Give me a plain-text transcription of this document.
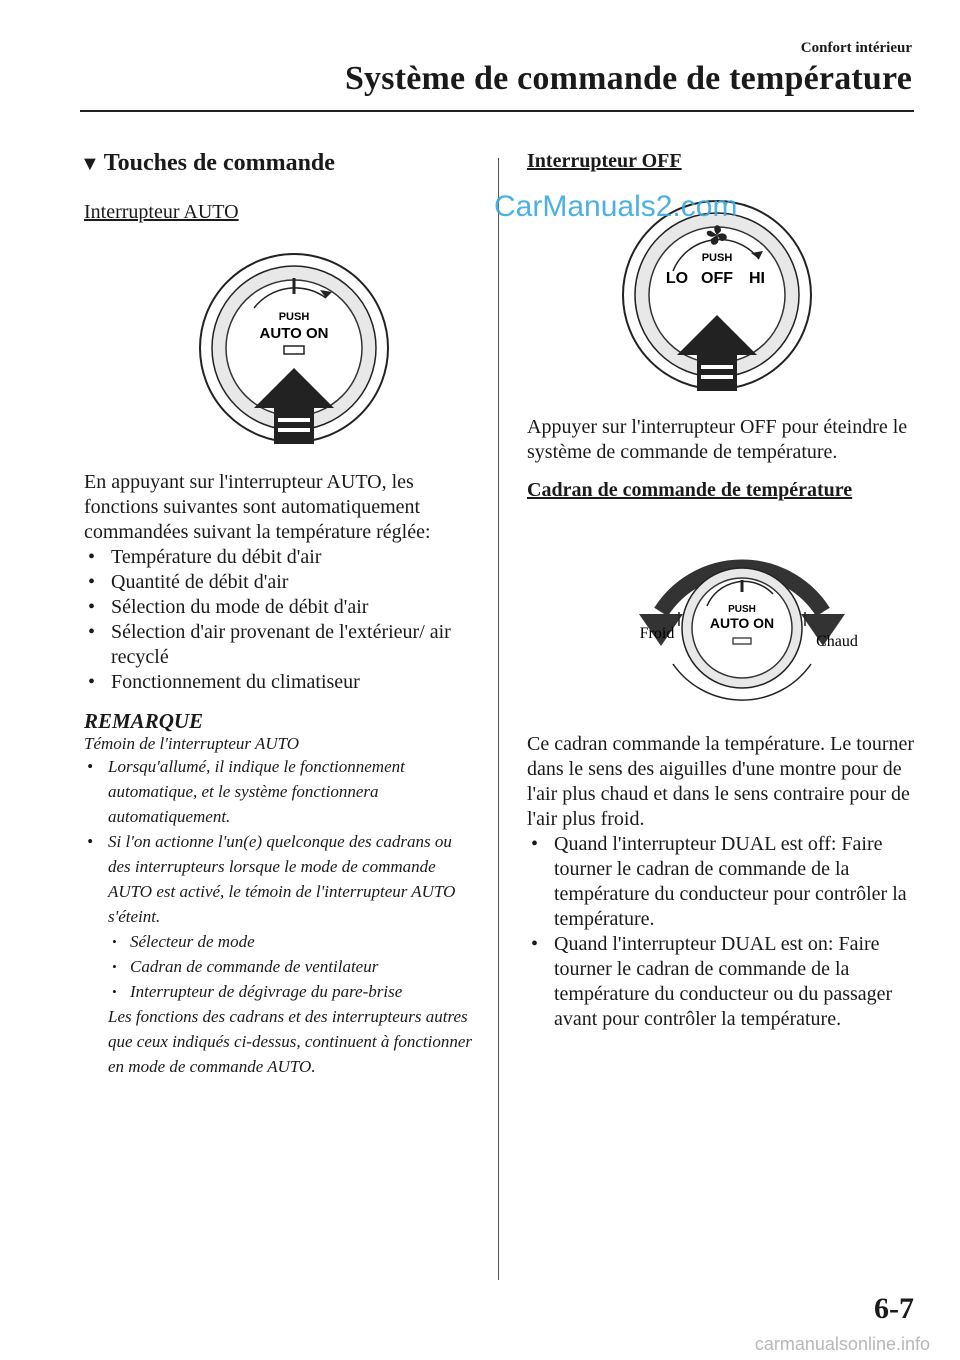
Confort intérieur
Système de commande de température
▼ Touches de commande

Interrupteur AUTO

PUSH
AUTO ON

En appuyant sur l'interrupteur AUTO, les fonctions suivantes sont automatiquement commandées suivant la température réglée:

• Température du débit d'air
• Quantité de débit d'air
• Sélection du mode de débit d'air
• Sélection d'air provenant de l'extérieur/ air recyclé
• Fonctionnement du climatiseur

REMARQUE

Témoin de l'interrupteur AUTO

• Lorsqu'allumé, il indique le fonctionnement automatique, et le système fonctionnera automatiquement.
• Si l'on actionne l'un(e) quelconque des cadrans ou des interrupteurs lorsque le mode de commande AUTO est activé, le témoin de l'interrupteur AUTO s'éteint.
• Sélecteur de mode
• Cadran de commande de ventilateur
• Interrupteur de dégivrage du pare-brise

Les fonctions des cadrans et des interrupteurs autres que ceux indiqués ci-dessus, continuent à fonctionner en mode de commande AUTO.

Interrupteur OFF

PUSH
LO OFF HI

Appuyer sur l'interrupteur OFF pour éteindre le système de commande de température.

Cadran de commande de température

PUSH
AUTO ON
Froid	Chaud

Ce cadran commande la température. Le tourner dans le sens des aiguilles d'une montre pour de l'air plus chaud et dans le sens contraire pour de l'air plus froid.

• Quand l'interrupteur DUAL est off: Faire tourner le cadran de commande de la température du conducteur pour contrôler la température.
• Quand l'interrupteur DUAL est on: Faire tourner le cadran de commande de la température du conducteur ou du passager avant pour contrôler la température.
CarManuals2.com
6-7
carmanualsonline.info
